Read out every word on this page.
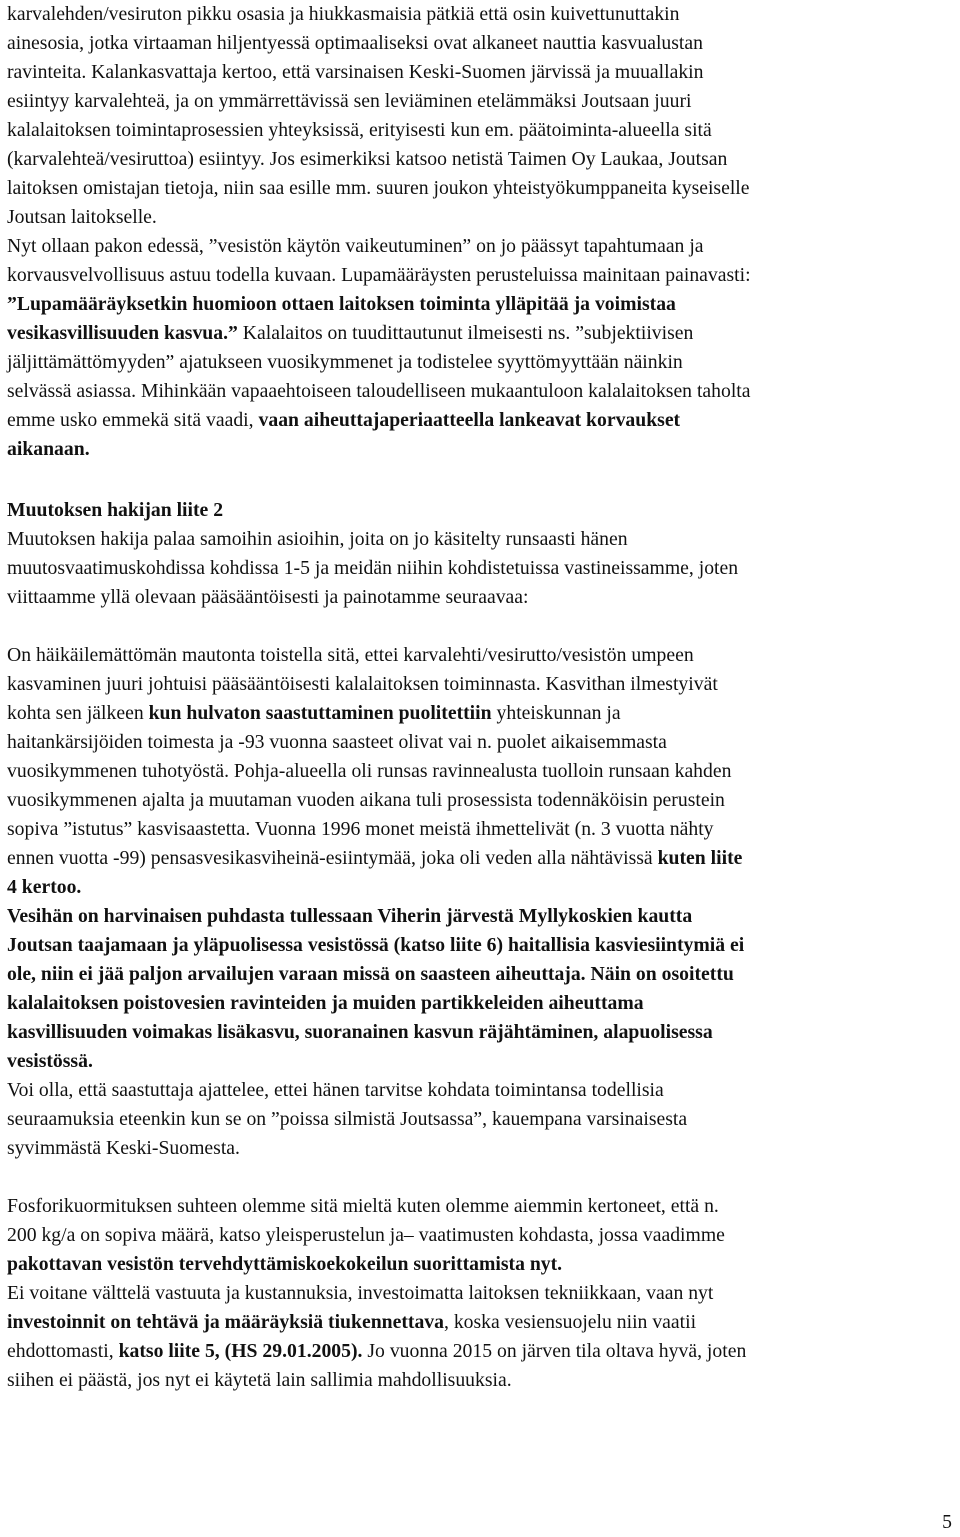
karvalehden/vesiruton pikku osasia ja hiukkasmaisia pätkiä että osin kuivettunuttakin
ainesosia, jotka virtaaman hiljentyessä optimaaliseksi ovat alkaneet nauttia kasvualustan
ravinteita. Kalankasvattaja kertoo, että varsinaisen Keski-Suomen järvissä ja muuallakin
esiintyy karvalehteä, ja on ymmärrettävissä sen leviäminen etelämmäksi Joutsaan juuri
kalalaitoksen toimintaprosessien yhteyksissä, erityisesti kun em. päätoiminta-alueella sitä
(karvalehteä/vesiruttoa) esiintyy. Jos esimerkiksi katsoo netistä Taimen Oy Laukaa, Joutsan
laitoksen omistajan tietoja, niin saa esille mm. suuren joukon yhteistyökumppaneita kyseiselle
Joutsan laitokselle.

Nyt ollaan pakon edessä, ”vesistön käytön vaikeutuminen” on jo päässyt tapahtumaan ja
korvausvelvollisuus astuu todella kuvaan. Lupamääräysten perusteluissa mainitaan painavasti:
”Lupamääräyksetkin huomioon ottaen laitoksen toiminta ylläpitää ja voimistaa
vesikasvillisuuden kasvua.” Kalalaitos on tuudittautunut ilmeisesti ns. ”subjektiivisen
jäljittämättömyyden” ajatukseen vuosikymmenet ja todistelee syyttömyyttään näinkin
selvässä asiassa. Mihinkään vapaaehtoiseen taloudelliseen mukaantuloon kalalaitoksen taholta
emme usko emmekä sitä vaadi, vaan aiheuttajaperiaatteella lankeavat korvaukset
aikanaan.

Muutoksen hakijan liite 2

Muutoksen hakija palaa samoihin asioihin, joita on jo käsitelty runsaasti hänen
muutosvaatimuskohdissa kohdissa 1-5 ja meidän niihin kohdistetuissa vastineissamme, joten
viittaamme yllä olevaan pääsääntöisesti ja painotamme seuraavaa:

On häikäilemättömän mautonta toistella sitä, ettei karvalehti/vesirutto/vesistön umpeen
kasvaminen juuri johtuisi pääsääntöisesti kalalaitoksen toiminnasta. Kasvithan ilmestyivät
kohta sen jälkeen kun hulvaton saastuttaminen puolitettiin yhteiskunnan ja
haitankärsijöiden toimesta ja -93 vuonna saasteet olivat vai n. puolet aikaisemmasta
vuosikymmenen tuhotyöstä. Pohja-alueella oli runsas ravinnealusta tuolloin runsaan kahden
vuosikymmenen ajalta ja muutaman vuoden aikana tuli prosessista todennäköisin perustein
sopiva ”istutus” kasvisaastetta. Vuonna 1996 monet meistä ihmettelivät (n. 3 vuotta nähty
ennen vuotta -99) pensasvesikasviheinä-esiintymää, joka oli veden alla nähtävissä kuten liite
4 kertoo.

Vesihän on harvinaisen puhdasta tullessaan Viherin järvestä Myllykoskien kautta
Joutsan taajamaan ja yläpuolisessa vesistössä (katso liite 6) haitallisia kasviesiintymiä ei
ole, niin ei jää paljon arvailujen varaan missä on saasteen aiheuttaja. Näin on osoitettu
kalalaitoksen poistovesien ravinteiden ja muiden partikkeleiden aiheuttama
kasvillisuuden voimakas lisäkasvu, suoranainen kasvun räjähtäminen, alapuolisessa
vesistössä.

Voi olla, että saastuttaja ajattelee, ettei hänen tarvitse kohdata toimintansa todellisia
seuraamuksia eteenkin kun se on ”poissa silmistä Joutsassa”, kauempana varsinaisesta
syvimmästä Keski-Suomesta.

Fosforikuormituksen suhteen olemme sitä mieltä kuten olemme aiemmin kertoneet, että n.
200 kg/a on sopiva määrä, katso yleisperustelun ja– vaatimusten kohdasta, jossa vaadimme
pakottavan vesistön tervehdyttämiskoekokeilun suorittamista nyt.

Ei voitane välttelä vastuuta ja kustannuksia, investoimatta laitoksen tekniikkaan, vaan nyt
investoinnit on tehtävä ja määräyksiä tiukennettava, koska vesiensuojelu niin vaatii
ehdottomasti, katso liite 5, (HS 29.01.2005). Jo vuonna 2015 on järven tila oltava hyvä, joten
siihen ei päästä, jos nyt ei käytetä lain sallimia mahdollisuuksia.

5
